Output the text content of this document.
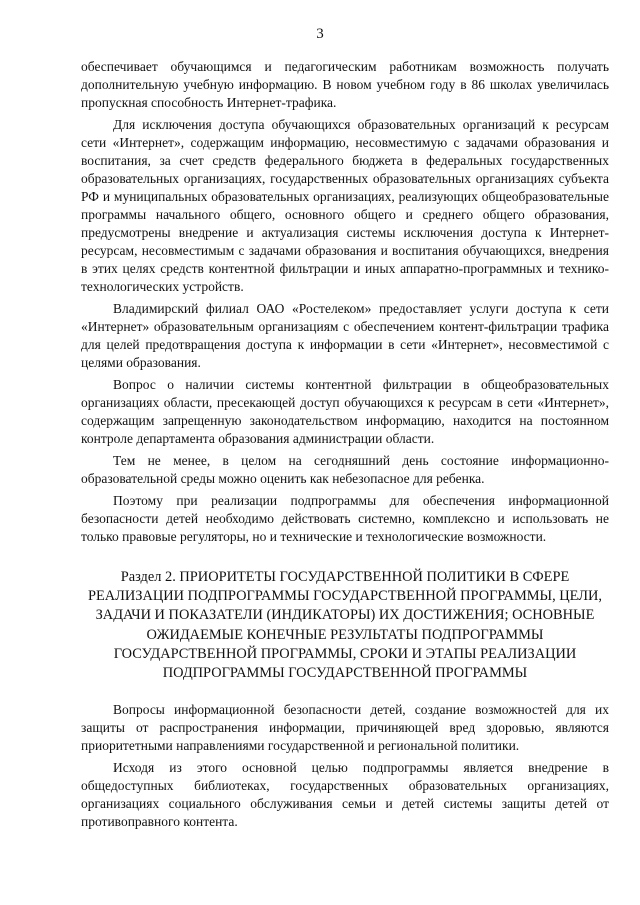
3

обеспечивает обучающимся и педагогическим работникам возможность получать дополнительную учебную информацию. В новом учебном году в 86 школах увеличилась пропускная способность Интернет-трафика.

Для исключения доступа обучающихся образовательных организаций к ресурсам сети «Интернет», содержащим информацию, несовместимую с задачами образования и воспитания, за счет средств федерального бюджета в федеральных государственных образовательных организациях, государственных образовательных организациях субъекта РФ и муниципальных образовательных организациях, реализующих общеобразовательные программы начального общего, основного общего и среднего общего образования, предусмотрены внедрение и актуализация системы исключения доступа к Интернет-ресурсам, несовместимым с задачами образования и воспитания обучающихся, внедрения в этих целях средств контентной фильтрации и иных аппаратно-программных и технико-технологических устройств.

Владимирский филиал ОАО «Ростелеком» предоставляет услуги доступа к сети «Интернет» образовательным организациям с обеспечением контент-фильтрации трафика для целей предотвращения доступа к информации в сети «Интернет», несовместимой с целями образования.

Вопрос о наличии системы контентной фильтрации в общеобразовательных организациях области, пресекающей доступ обучающихся к ресурсам в сети «Интернет», содержащим запрещенную законодательством информацию, находится на постоянном контроле департамента образования администрации области.

Тем не менее, в целом на сегодняшний день состояние информационно-образовательной среды можно оценить как небезопасное для ребенка.

Поэтому при реализации подпрограммы для обеспечения информационной безопасности детей необходимо действовать системно, комплексно и использовать не только правовые регуляторы, но и технические и технологические возможности.

Раздел 2. ПРИОРИТЕТЫ ГОСУДАРСТВЕННОЙ ПОЛИТИКИ В СФЕРЕ РЕАЛИЗАЦИИ ПОДПРОГРАММЫ ГОСУДАРСТВЕННОЙ ПРОГРАММЫ, ЦЕЛИ, ЗАДАЧИ И ПОКАЗАТЕЛИ (ИНДИКАТОРЫ) ИХ ДОСТИЖЕНИЯ; ОСНОВНЫЕ ОЖИДАЕМЫЕ КОНЕЧНЫЕ РЕЗУЛЬТАТЫ ПОДПРОГРАММЫ ГОСУДАРСТВЕННОЙ ПРОГРАММЫ, СРОКИ И ЭТАПЫ РЕАЛИЗАЦИИ ПОДПРОГРАММЫ ГОСУДАРСТВЕННОЙ ПРОГРАММЫ

Вопросы информационной безопасности детей, создание возможностей для их защиты от распространения информации, причиняющей вред здоровью, являются приоритетными направлениями государственной и региональной политики.

Исходя из этого основной целью подпрограммы является внедрение в общедоступных библиотеках, государственных образовательных организациях, организациях социального обслуживания семьи и детей системы защиты детей от противоправного контента.
